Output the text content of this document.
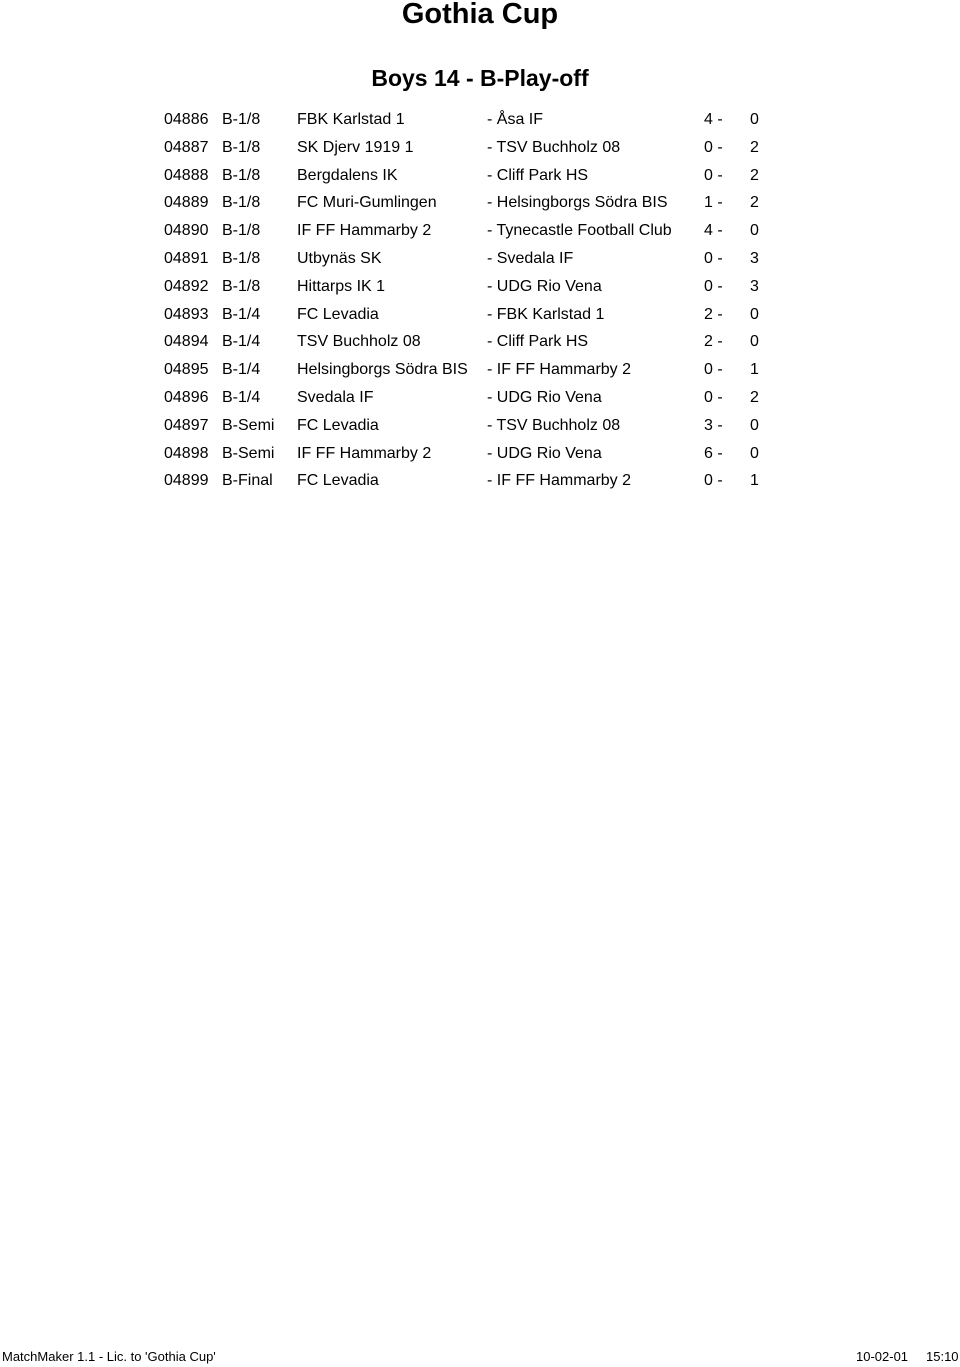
Gothia Cup
Boys 14 - B-Play-off
04886 B-1/8 FBK Karlstad 1	- Åsa IF	4 - 0
04887 B-1/8 SK Djerv 1919 1	- TSV Buchholz 08	0 - 2
04888 B-1/8 Bergdalens IK	- Cliff Park HS	0 - 2
04889 B-1/8 FC Muri-Gumlingen	- Helsingborgs Södra BIS 1 - 2
04890 B-1/8 IF FF Hammarby 2	- Tynecastle Football Club 4 - 0
04891 B-1/8 Utbynäs SK	- Svedala IF	0 - 3
04892 B-1/8 Hittarps IK 1	- UDG Rio Vena	0 - 3
04893 B-1/4 FC Levadia	- FBK Karlstad 1	2 - 0
04894 B-1/4 TSV Buchholz 08	- Cliff Park HS	2 - 0
04895 B-1/4 Helsingborgs Södra BIS - IF FF Hammarby 2	0 - 1
04896 B-1/4 Svedala IF	- UDG Rio Vena	0 - 2
04897 B-Semi FC Levadia	- TSV Buchholz 08	3 - 0
04898 B-Semi IF FF Hammarby 2	- UDG Rio Vena	6 - 0
04899 B-Final FC Levadia	- IF FF Hammarby 2	0 - 1
MatchMaker 1.1 - Lic. to 'Gothia Cup'	10-02-01 15:10
